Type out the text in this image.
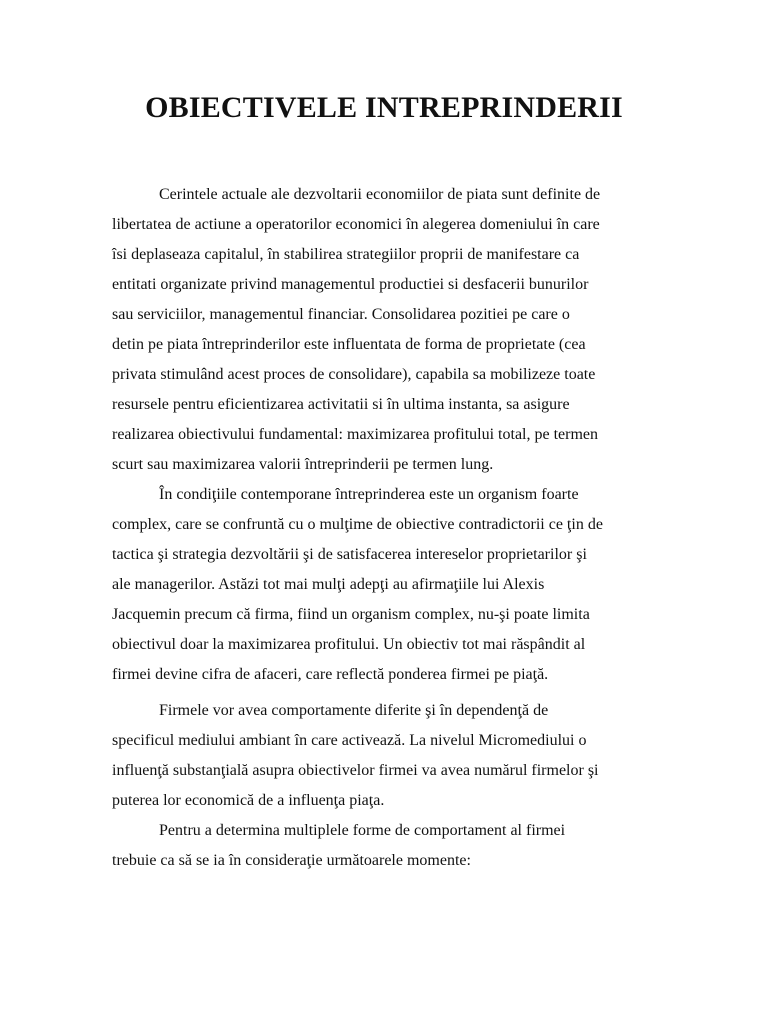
OBIECTIVELE INTREPRINDERII

Cerintele actuale ale dezvoltarii economiilor de piata sunt definite de
libertatea de actiune a operatorilor economici în alegerea domeniului în care
îsi deplaseaza capitalul, în stabilirea strategiilor proprii de manifestare ca
entitati organizate privind managementul productiei si desfacerii bunurilor
sau serviciilor, managementul financiar. Consolidarea pozitiei pe care o
detin pe piata întreprinderilor este influentata de forma de proprietate (cea
privata stimulând acest proces de consolidare), capabila sa mobilizeze toate
resursele pentru eficientizarea activitatii si în ultima instanta, sa asigure
realizarea obiectivului fundamental: maximizarea profitului total, pe termen
scurt sau maximizarea valorii întreprinderii pe termen lung.

În condiţiile contemporane întreprinderea este un organism foarte
complex, care se confruntă cu o mulţime de obiective contradictorii ce ţin de
tactica şi strategia dezvoltării şi de satisfacerea intereselor proprietarilor şi
ale managerilor. Astăzi tot mai mulţi adepţi au afirmaţiile lui Alexis
Jacquemin precum că firma, fiind un organism complex, nu-şi poate limita
obiectivul doar la maximizarea profitului. Un obiectiv tot mai răspândit al
firmei devine cifra de afaceri, care reflectă ponderea firmei pe piaţă.

Firmele vor avea comportamente diferite şi în dependenţă de
specificul mediului ambiant în care activează. La nivelul Micromediului o
influenţă substanţială asupra obiectivelor firmei va avea numărul firmelor şi
puterea lor economică de a influenţa piaţa.

Pentru a determina multiplele forme de comportament al firmei
trebuie ca să se ia în consideraţie următoarele momente:
